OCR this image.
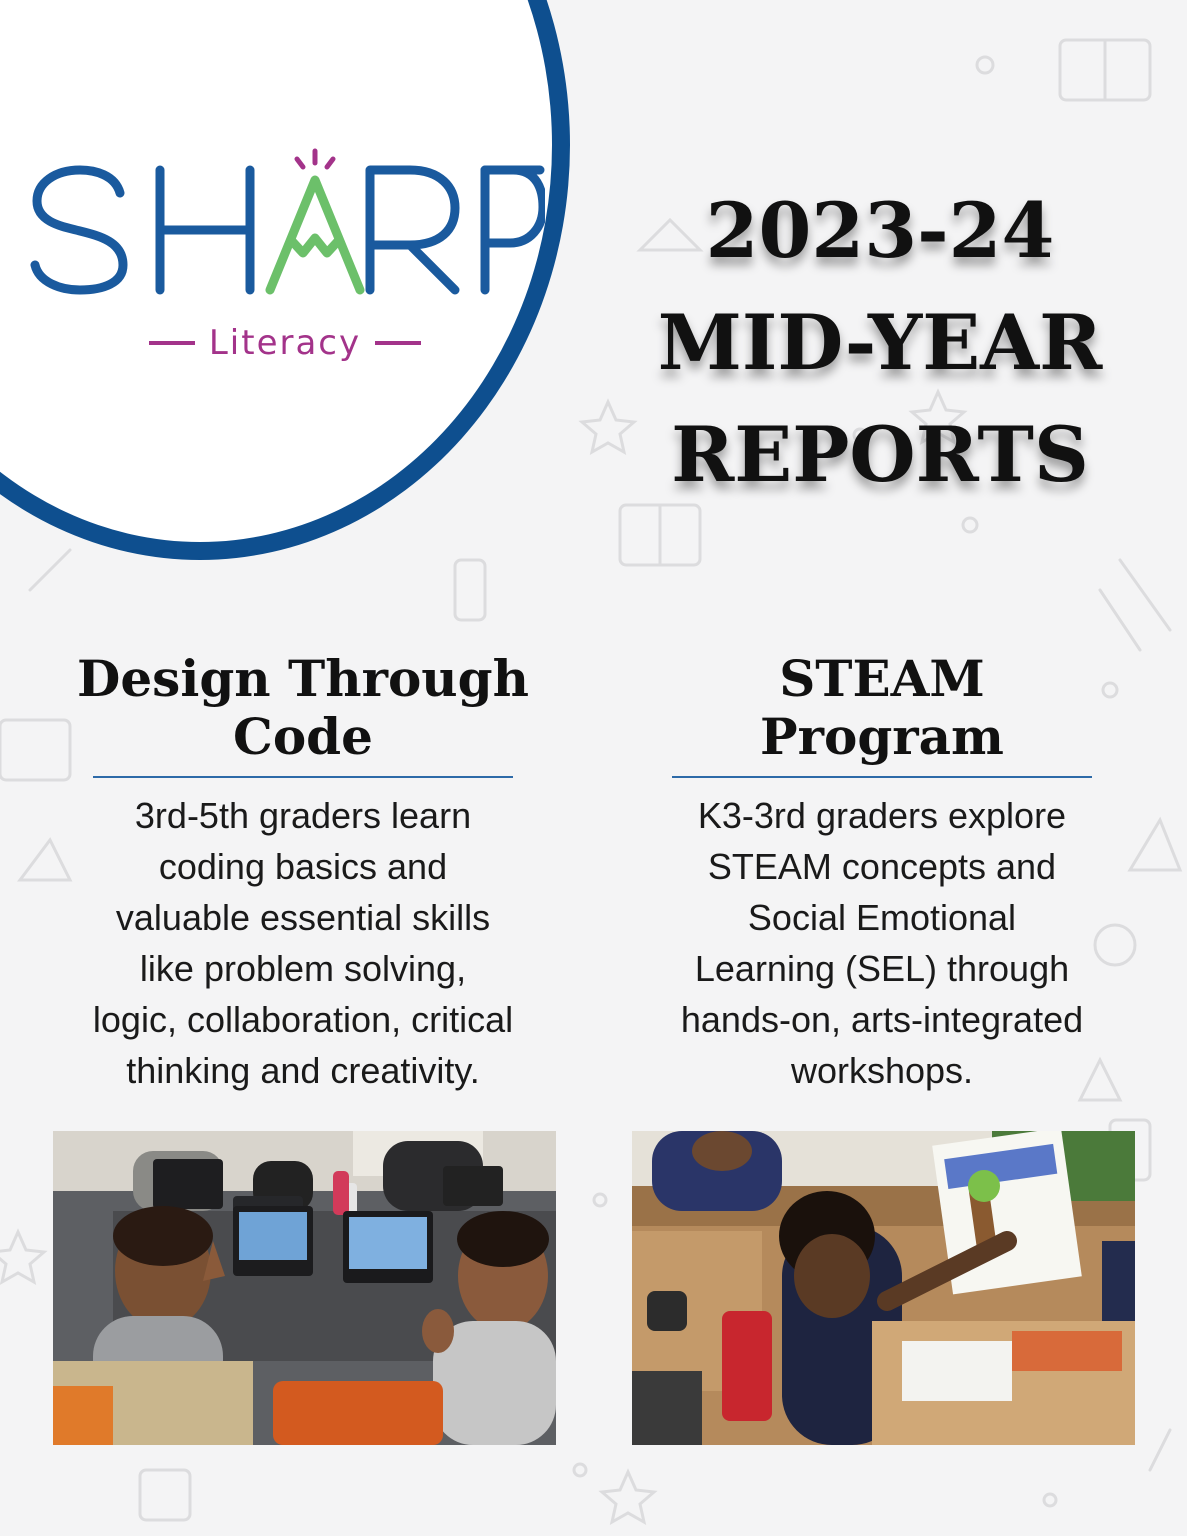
Literacy
2023-24
MID-YEAR
REPORTS
Design Through
Code
3rd-5th graders learn
coding basics and
valuable essential skills
like problem solving,
logic, collaboration, critical
thinking and creativity.
STEAM
Program
K3-3rd graders explore
STEAM concepts and
Social Emotional
Learning (SEL) through
hands-on, arts-integrated
workshops.
